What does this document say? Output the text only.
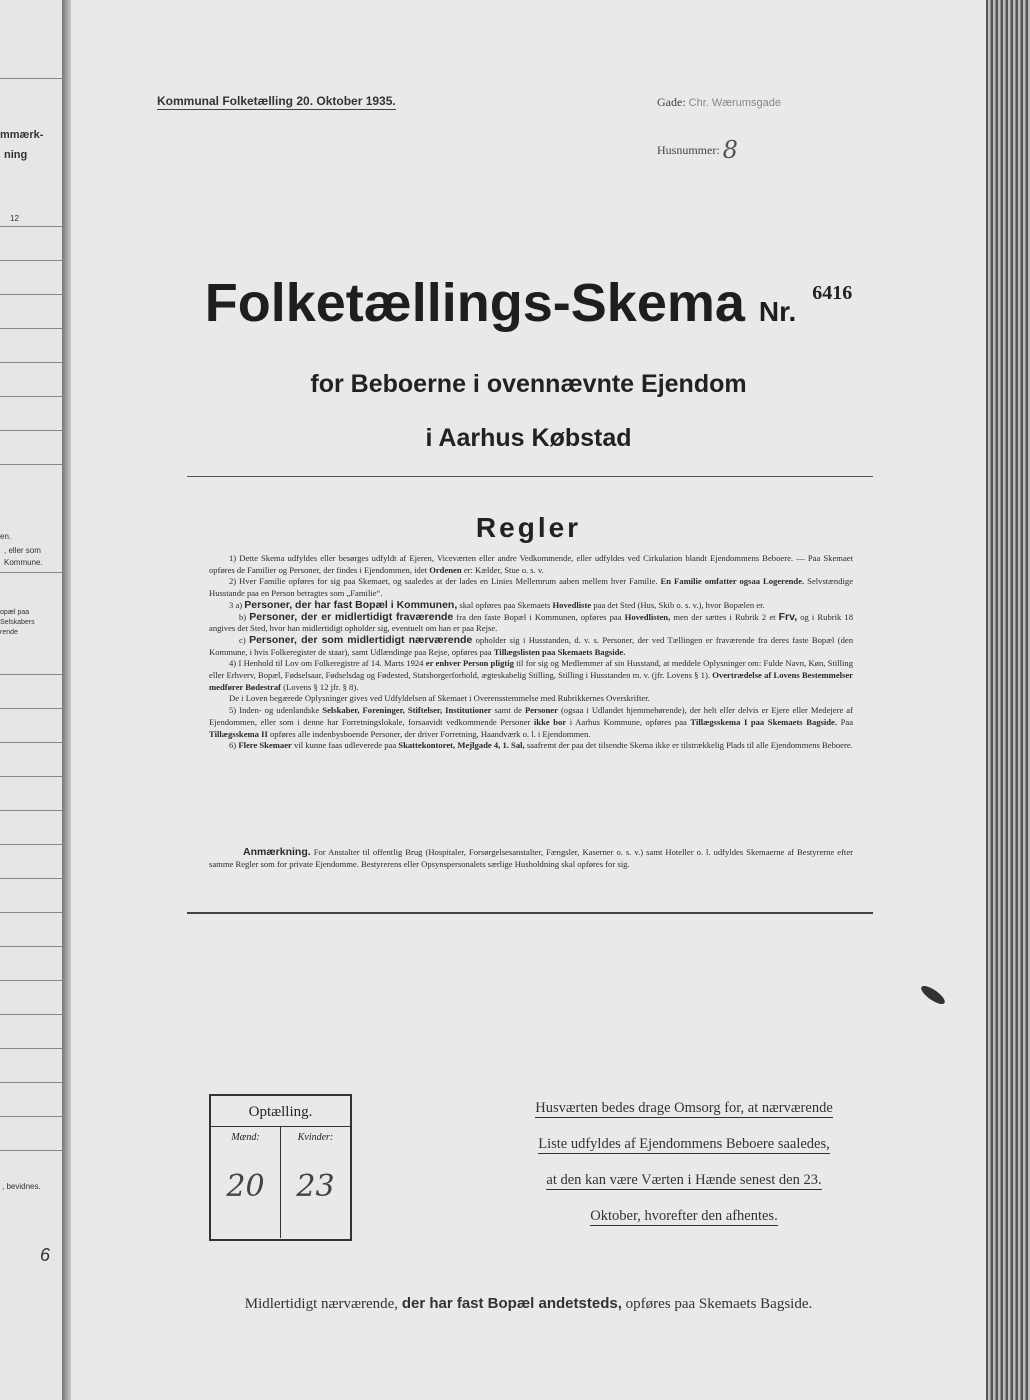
mmærk-
ning
12
en.
, eller som
Kommune.
opæl paa
Selskabers
rende
, bevidnes.
6
Kommunal Folketælling 20. Oktober 1935.	Gade: Chr. Wærumsgade
Husnummer: 8
Folketællings-Skema Nr.6416
for Beboerne i ovennævnte Ejendom
i Aarhus Købstad
Regler

1) Dette Skema udfyldes eller besørges udfyldt af Ejeren, Viceværten eller andre Vedkommende, eller udfyldes ved Cirkulation blandt Ejendommens Beboere. — Paa Skemaet opføres de Familier og Personer, der findes i Ejendommen, idet Ordenen er: Kælder, Stue o. s. v.

2) Hver Familie opføres for sig paa Skemaet, og saaledes at der lades en Linies Mellemrum aaben mellem hver Familie. En Familie omfatter ogsaa Logerende. Selvstændige Husstande paa en Person betragtes som „Familie“.

3 a) Personer, der har fast Bopæl i Kommunen, skal opføres paa Skemaets Hovedliste paa det Sted (Hus, Skib o. s. v.), hvor Bopælen er.

b) Personer, der er midlertidigt fraværende fra den faste Bopæl i Kommunen, opføres paa Hovedlisten, men der sættes i Rubrik 2 et Frv, og i Rubrik 18 angives det Sted, hvor han midlertidigt opholder sig, eventuelt om han er paa Rejse.

c) Personer, der som midlertidigt nærværende opholder sig i Husstanden, d. v. s. Personer, der ved Tællingen er fraværende fra deres faste Bopæl (den Kommune, i hvis Folkeregister de staar), samt Udlændinge paa Rejse, opføres paa Tillægslisten paa Skemaets Bagside.

4) I Henhold til Lov om Folkeregistre af 14. Marts 1924 er enhver Person pligtig til for sig og Medlemmer af sin Husstand, at meddele Oplysninger om: Fulde Navn, Køn, Stilling eller Erhverv, Bopæl, Fødselsaar, Fødselsdag og Fødested, Statsborgerforhold, ægteskabelig Stilling, Stilling i Husstanden m. v. (jfr. Lovens § 1). Overtrædelse af Lovens Bestemmelser medfører Bødestraf (Lovens § 12 jfr. § 8).

De i Loven begærede Oplysninger gives ved Udfyldelsen af Skemaet i Overensstemmelse med Rubrikkernes Overskrifter.

5) Inden- og udenlandske Selskaber, Foreninger, Stiftelser, Institutioner samt de Personer (ogsaa i Udlandet hjemmehørende), der helt eller delvis er Ejere eller Medejere af Ejendommen, eller som i denne har Forretningslokale, forsaavidt vedkommende Personer ikke bor i Aarhus Kommune, opføres paa Tillægsskema I paa Skemaets Bagside. Paa Tillægsskema II opføres alle indenbysboende Personer, der driver Forretning, Haandværk o. l. i Ejendommen.

6) Flere Skemaer vil kunne faas udleverede paa Skattekontoret, Mejlgade 4, 1. Sal, saafremt der paa det tilsendte Skema ikke er tilstrækkelig Plads til alle Ejendommens Beboere.

Anmærkning. For Anstalter til offentlig Brug (Hospitaler, Forsørgelsesanstalter, Fængsler, Kaserner o. s. v.) samt Hoteller o. l. udfyldes Skemaerne af Bestyrerne efter samme Regler som for private Ejendomme. Bestyrerens eller Opsynspersonalets særlige Husholdning skal opføres for sig.
Optælling.
Mænd:
20
Kvinder:
23
Husværten bedes drage Omsorg for, at nærværende
Liste udfyldes af Ejendommens Beboere saaledes,
at den kan være Værten i Hænde senest den 23.
Oktober, hvorefter den afhentes.
Midlertidigt nærværende, der har fast Bopæl andetsteds, opføres paa Skemaets Bagside.
